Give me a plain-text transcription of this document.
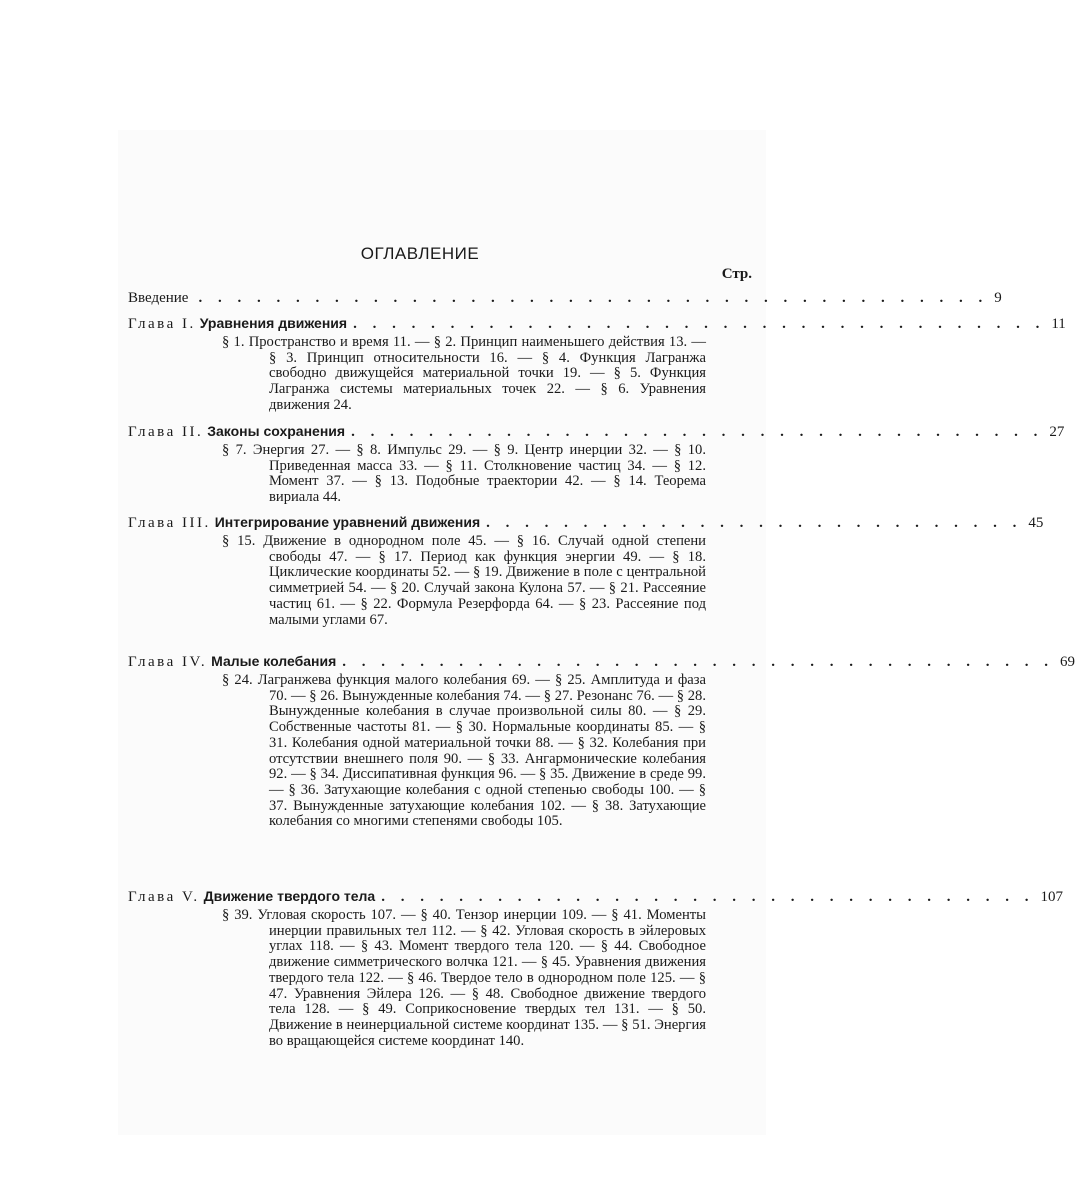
ОГЛАВЛЕНИЕ
Стр.
Введение . . . . . . . . . . . . . . . . . . . . . . . . . . . . . . . . . . . . . . . . . 9
Глава I. Уравнения движения . . . . . . . . . . . . . . . . . . . . . . . . . . . . . . . . . . . . 11
§ 1. Пространство и время 11. — § 2. Принцип наименьшего действия 13. — § 3. Принцип относительности 16. — § 4. Функция Лагранжа свободно движущейся материальной точки 19. — § 5. Функция Лагранжа системы материальных точек 22. — § 6. Уравнения движения 24.
Глава II. Законы сохранения . . . . . . . . . . . . . . . . . . . . . . . . . . . . . . . . . . . . 27
§ 7. Энергия 27. — § 8. Импульс 29. — § 9. Центр инерции 32. — § 10. Приведенная масса 33. — § 11. Столкновение частиц 34. — § 12. Момент 37. — § 13. Подобные траектории 42. — § 14. Теорема вириала 44.
Глава III. Интегрирование уравнений движения . . . . . . . . . . . . . . . . . . . . . . . . . . . . 45
§ 15. Движение в однородном поле 45. — § 16. Случай одной степени свободы 47. — § 17. Период как функция энергии 49. — § 18. Циклические координаты 52. — § 19. Движение в поле с центральной симметрией 54. — § 20. Случай закона Кулона 57. — § 21. Рассеяние частиц 61. — § 22. Формула Резерфорда 64. — § 23. Рассеяние под малыми углами 67.
Глава IV. Малые колебания . . . . . . . . . . . . . . . . . . . . . . . . . . . . . . . . . . . . . 69
§ 24. Лагранжева функция малого колебания 69. — § 25. Амплитуда и фаза 70. — § 26. Вынужденные колебания 74. — § 27. Резонанс 76. — § 28. Вынужденные колебания в случае произвольной силы 80. — § 29. Собственные частоты 81. — § 30. Нормальные координаты 85. — § 31. Колебания одной материальной точки 88. — § 32. Колебания при отсутствии внешнего поля 90. — § 33. Ангармонические колебания 92. — § 34. Диссипативная функция 96. — § 35. Движение в среде 99. — § 36. Затухающие колебания с одной степенью свободы 100. — § 37. Вынужденные затухающие колебания 102. — § 38. Затухающие колебания со многими степенями свободы 105.
Глава V. Движение твердого тела . . . . . . . . . . . . . . . . . . . . . . . . . . . . . . . . . . 107
§ 39. Угловая скорость 107. — § 40. Тензор инерции 109. — § 41. Моменты инерции правильных тел 112. — § 42. Угловая скорость в эйлеровых углах 118. — § 43. Момент твердого тела 120. — § 44. Свободное движение симметрического волчка 121. — § 45. Уравнения движения твердого тела 122. — § 46. Твердое тело в однородном поле 125. — § 47. Уравнения Эйлера 126. — § 48. Свободное движение твердого тела 128. — § 49. Соприкосновение твердых тел 131. — § 50. Движение в неинерциальной системе координат 135. — § 51. Энергия во вращающейся системе координат 140.
